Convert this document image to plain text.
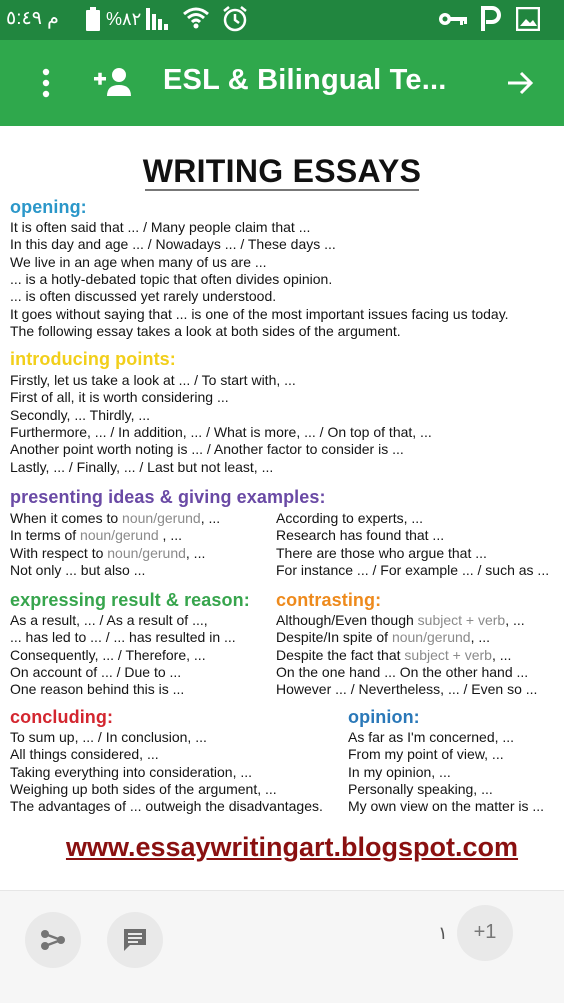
م ٥:٤٩	%٨٢
ESL & Bilingual Te...
WRITING ESSAYS
opening:
It is often said that ... / Many people claim that ...
In this day and age ... / Nowadays ... / These days ...
We live in an age when many of us are ...
... is a hotly-debated topic that often divides opinion.
... is often discussed yet rarely understood.
It goes without saying that ... is one of the most important issues facing us today.
The following essay takes a look at both sides of the argument.
introducing points:
Firstly, let us take a look at ... / To start with, ...
First of all, it is worth considering ...
Secondly, ... Thirdly, ...
Furthermore, ... / In addition, ... / What is more, ... / On top of that, ...
Another point worth noting is ... / Another factor to consider is ...
Lastly, ... / Finally, ... / Last but not least, ...
presenting ideas & giving examples:
When it comes to noun/gerund, ...
In terms of noun/gerund , ...
With respect to noun/gerund, ...
Not only ... but also ...
According to experts, ...
Research has found that ...
There are those who argue that ...
For instance ... / For example ... / such as ...
expressing result & reason:
As a result, ... / As a result of ...,
... has led to ... / ... has resulted in ...
Consequently, ... / Therefore, ...
On account of ... / Due to ...
One reason behind this is ...
contrasting:
Although/Even though subject + verb, ...
Despite/In spite of noun/gerund, ...
Despite the fact that subject + verb, ...
On the one hand ... On the other hand ...
However ... / Nevertheless, ... / Even so ...
concluding:
To sum up, ... / In conclusion, ...
All things considered, ...
Taking everything into consideration, ...
Weighing up both sides of the argument, ...
The advantages of ... outweigh the disadvantages.
opinion:
As far as I'm concerned, ...
From my point of view, ...
In my opinion, ...
Personally speaking, ...
My own view on the matter is ...
www.essaywritingart.blogspot.com
١	+1
